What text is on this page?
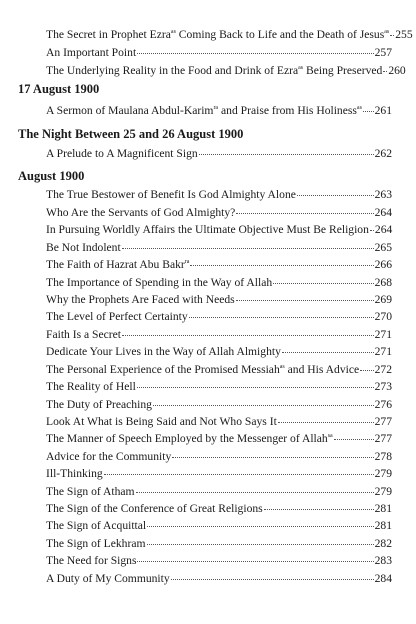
The Secret in Prophet Ezra$^{as}$ Coming Back to Life and the Death of Jesus$^{as}$ 255
An Important Point	257
The Underlying Reality in the Food and Drink of Ezra$^{as}$ Being Preserved 260
17 August 1900
A Sermon of Maulana Abdul-Karim$^{ra}$ and Praise from His Holiness$^{as}$ 261
The Night Between 25 and 26 August 1900
A Prelude to A Magnificent Sign	262
August 1900
The True Bestower of Benefit Is God Almighty Alone	263
Who Are the Servants of God Almighty?	264
In Pursuing Worldly Affairs the Ultimate Objective Must Be Religion 264
Be Not Indolent	265
The Faith of Hazrat Abu Bakr$^{ra}$	266
The Importance of Spending in the Way of Allah	268
Why the Prophets Are Faced with Needs	269
The Level of Perfect Certainty	270
Faith Is a Secret	271
Dedicate Your Lives in the Way of Allah Almighty	271
The Personal Experience of the Promised Messiah$^{as}$ and His Advice 272
The Reality of Hell	273
The Duty of Preaching	276
Look At What is Being Said and Not Who Says It	277
The Manner of Speech Employed by the Messenger of Allah$^{sa}$	277
Advice for the Community	278
Ill-Thinking	279
The Sign of Atham	279
The Sign of the Conference of Great Religions	281
The Sign of Acquittal	281
The Sign of Lekhram	282
The Need for Signs	283
A Duty of My Community	284
